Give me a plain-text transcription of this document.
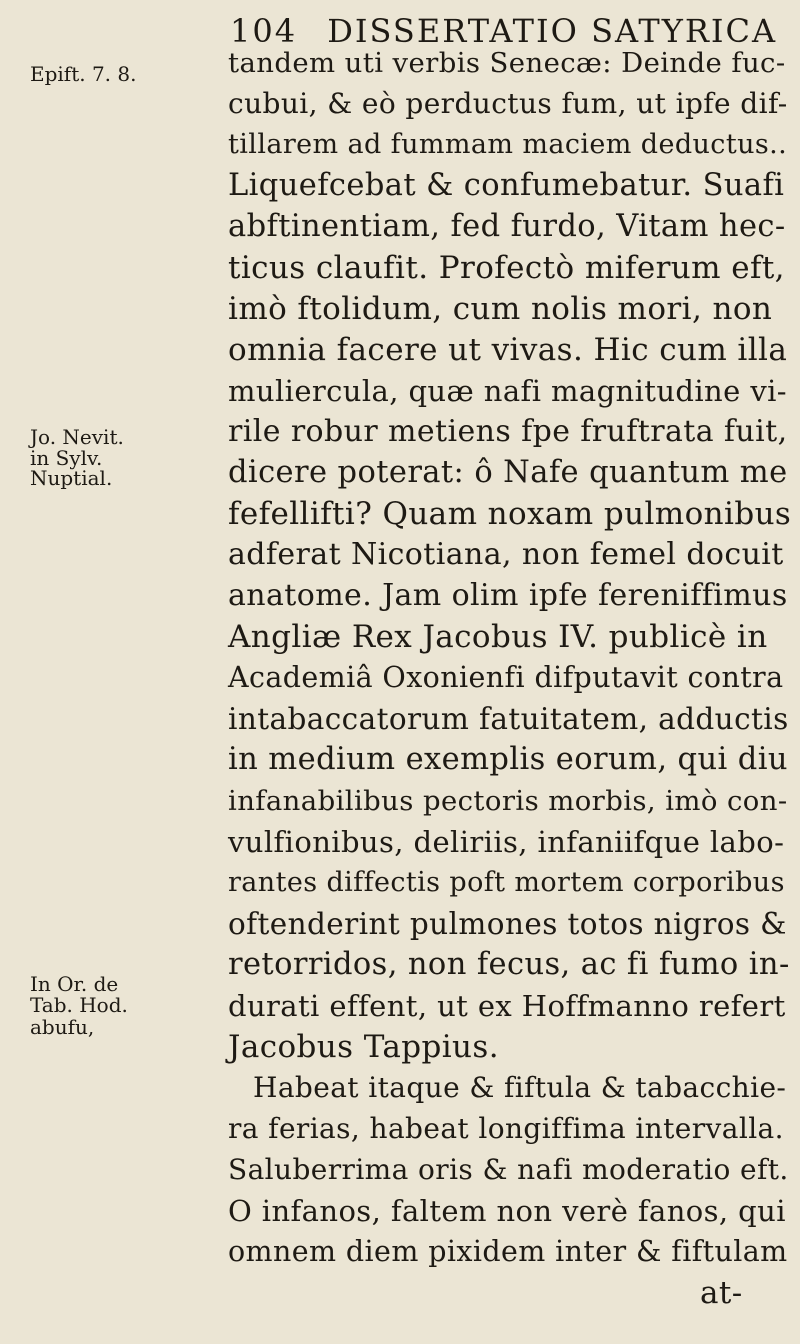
104 DISSERTATIO SATYRICA
Epift. 7. 8.
Jo. Nevit.
in Sylv.
Nuptial.
In Or. de
Tab. Hod.
abufu,
tandem uti verbis Senecæ: Deinde fuc-
cubui, & eò perductus fum, ut ipfe dif-
tillarem ad fummam maciem deductus..
Liquefcebat & confumebatur. Suafi
abftinentiam, fed furdo, Vitam hec-
ticus claufit. Profectò miferum eft,
imò ftolidum, cum nolis mori, non
omnia facere ut vivas. Hic cum illa
muliercula, quæ nafi magnitudine vi-
rile robur metiens fpe fruftrata fuit,
dicere poterat: ô Nafe quantum me
fefellifti? Quam noxam pulmonibus
adferat Nicotiana, non femel docuit
anatome. Jam olim ipfe fereniffimus
Angliæ Rex Jacobus IV. publicè in
Academiâ Oxonienfi difputavit contra
intabaccatorum fatuitatem, adductis
in medium exemplis eorum, qui diu
infanabilibus pectoris morbis, imò con-
vulfionibus, deliriis, infaniifque labo-
rantes diffectis poft mortem corporibus
oftenderint pulmones totos nigros &
retorridos, non fecus, ac fi fumo in-
durati effent, ut ex Hoffmanno refert
Jacobus Tappius.
Habeat itaque & fiftula & tabacchie-
ra ferias, habeat longiffima intervalla.
Saluberrima oris & nafi moderatio eft.
O infanos, faltem non verè fanos, qui
omnem diem pixidem inter & fiftulam
at-
